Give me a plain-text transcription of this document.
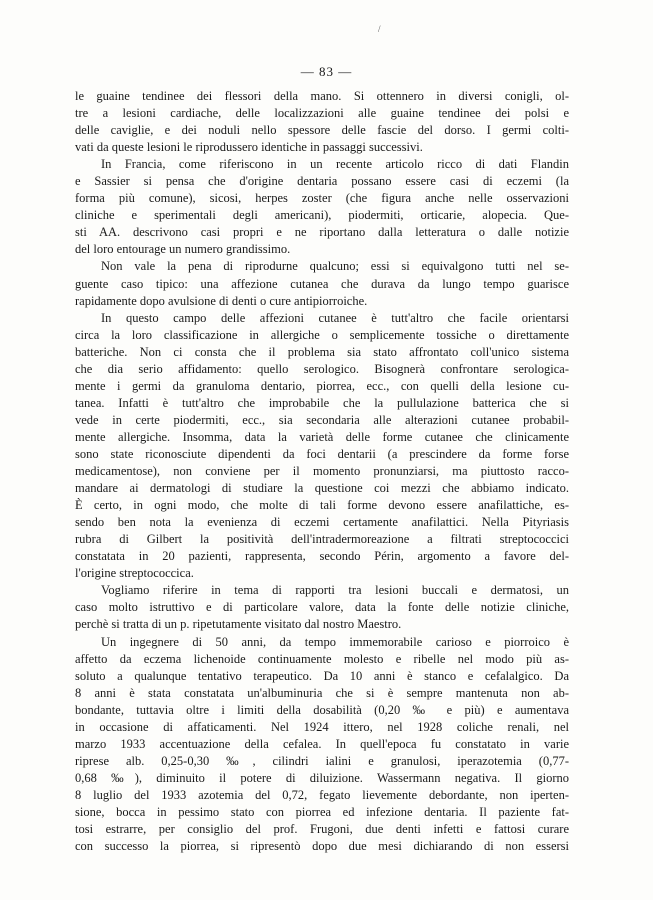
/
— 83 —
le guaine tendinee dei flessori della mano. Si ottennero in diversi conigli, ol-
tre a lesioni cardiache, delle localizzazioni alle guaine tendinee dei polsi e
delle caviglie, e dei noduli nello spessore delle fascie del dorso. I germi colti-
vati da queste lesioni le riprodussero identiche in passaggi successivi.
In Francia, come riferiscono in un recente articolo ricco di dati Flandin
e Sassier si pensa che d'origine dentaria possano essere casi di eczemi (la
forma più comune), sicosi, herpes zoster (che figura anche nelle osservazioni
cliniche e sperimentali degli americani), piodermiti, orticarie, alopecia. Que-
sti AA. descrivono casi propri e ne riportano dalla letteratura o dalle notizie
del loro entourage un numero grandissimo.
Non vale la pena di riprodurne qualcuno; essi si equivalgono tutti nel se-
guente caso tipico: una affezione cutanea che durava da lungo tempo guarisce
rapidamente dopo avulsione di denti o cure antipiorroiche.
In questo campo delle affezioni cutanee è tutt'altro che facile orientarsi
circa la loro classificazione in allergiche o semplicemente tossiche o direttamente
batteriche. Non ci consta che il problema sia stato affrontato coll'unico sistema
che dia serio affidamento: quello serologico. Bisognerà confrontare serologica-
mente i germi da granuloma dentario, piorrea, ecc., con quelli della lesione cu-
tanea. Infatti è tutt'altro che improbabile che la pullulazione batterica che si
vede in certe piodermiti, ecc., sia secondaria alle alterazioni cutanee probabil-
mente allergiche. Insomma, data la varietà delle forme cutanee che clinicamente
sono state riconosciute dipendenti da foci dentarii (a prescindere da forme forse
medicamentose), non conviene per il momento pronunziarsi, ma piuttosto racco-
mandare ai dermatologi di studiare la questione coi mezzi che abbiamo indicato.
È certo, in ogni modo, che molte di tali forme devono essere anafilattiche, es-
sendo ben nota la evenienza di eczemi certamente anafilattici. Nella Pityriasis
rubra di Gilbert la positività dell'intradermoreazione a filtrati streptococcici
constatata in 20 pazienti, rappresenta, secondo Périn, argomento a favore del-
l'origine streptococcica.
Vogliamo riferire in tema di rapporti tra lesioni buccali e dermatosi, un
caso molto istruttivo e di particolare valore, data la fonte delle notizie cliniche,
perchè si tratta di un p. ripetutamente visitato dal nostro Maestro.
Un ingegnere di 50 anni, da tempo immemorabile carioso e piorroico è
affetto da eczema lichenoide continuamente molesto e ribelle nel modo più as-
soluto a qualunque tentativo terapeutico. Da 10 anni è stanco e cefalalgico. Da
8 anni è stata constatata un'albuminuria che si è sempre mantenuta non ab-
bondante, tuttavia oltre i limiti della dosabilità (0,20 ‰ e più) e aumentava
in occasione di affaticamenti. Nel 1924 ittero, nel 1928 coliche renali, nel
marzo 1933 accentuazione della cefalea. In quell'epoca fu constatato in varie
riprese alb. 0,25-0,30 ‰, cilindri ialini e granulosi, iperazotemia (0,77-
0,68 ‰), diminuito il potere di diluizione. Wassermann negativa. Il giorno
8 luglio del 1933 azotemia del 0,72, fegato lievemente debordante, non iperten-
sione, bocca in pessimo stato con piorrea ed infezione dentaria. Il paziente fat-
tosi estrarre, per consiglio del prof. Frugoni, due denti infetti e fattosi curare
con successo la piorrea, si ripresentò dopo due mesi dichiarando di non essersi
